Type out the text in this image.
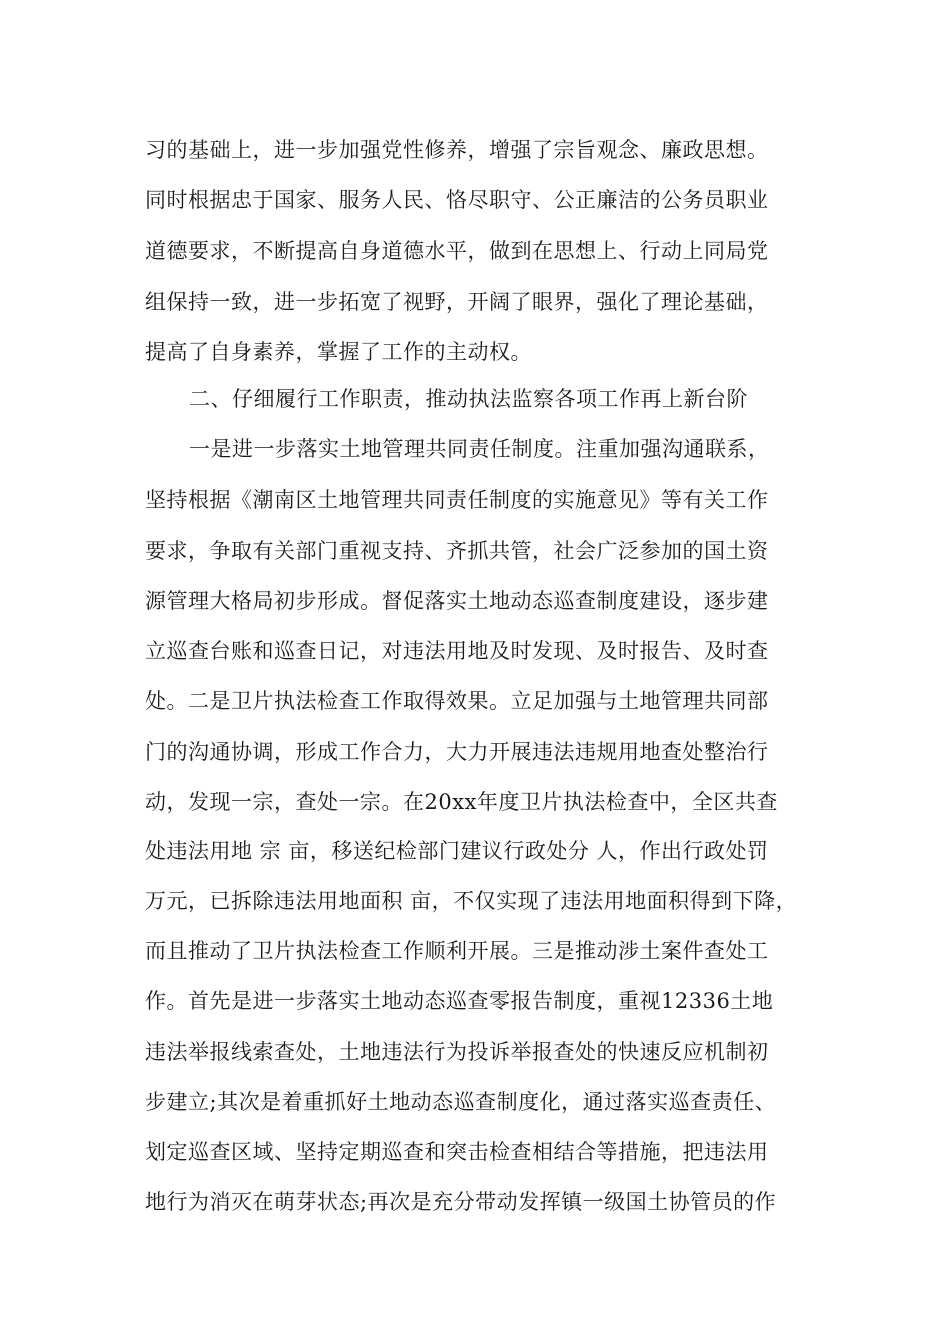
习的基础上，进一步加强党性修养，增强了宗旨观念、廉政思想。
同时根据忠于国家、服务人民、恪尽职守、公正廉洁的公务员职业
道德要求，不断提高自身道德水平，做到在思想上、行动上同局党
组保持一致，进一步拓宽了视野，开阔了眼界，强化了理论基础，
提高了自身素养，掌握了工作的主动权。
二、仔细履行工作职责，推动执法监察各项工作再上新台阶
一是进一步落实土地管理共同责任制度。注重加强沟通联系，
坚持根据《潮南区土地管理共同责任制度的实施意见》等有关工作
要求，争取有关部门重视支持、齐抓共管，社会广泛参加的国土资
源管理大格局初步形成。督促落实土地动态巡查制度建设，逐步建
立巡查台账和巡查日记，对违法用地及时发现、及时报告、及时查
处。二是卫片执法检查工作取得效果。立足加强与土地管理共同部
门的沟通协调，形成工作合力，大力开展违法违规用地查处整治行
动，发现一宗，查处一宗。在20xx年度卫片执法检查中，全区共查
处违法用地 宗 亩，移送纪检部门建议行政处分 人，作出行政处罚
万元，已拆除违法用地面积 亩，不仅实现了违法用地面积得到下降，
而且推动了卫片执法检查工作顺利开展。三是推动涉土案件查处工
作。首先是进一步落实土地动态巡查零报告制度，重视12336土地
违法举报线索查处，土地违法行为投诉举报查处的快速反应机制初
步建立;其次是着重抓好土地动态巡查制度化，通过落实巡查责任、
划定巡查区域、坚持定期巡查和突击检查相结合等措施，把违法用
地行为消灭在萌芽状态;再次是充分带动发挥镇一级国土协管员的作
